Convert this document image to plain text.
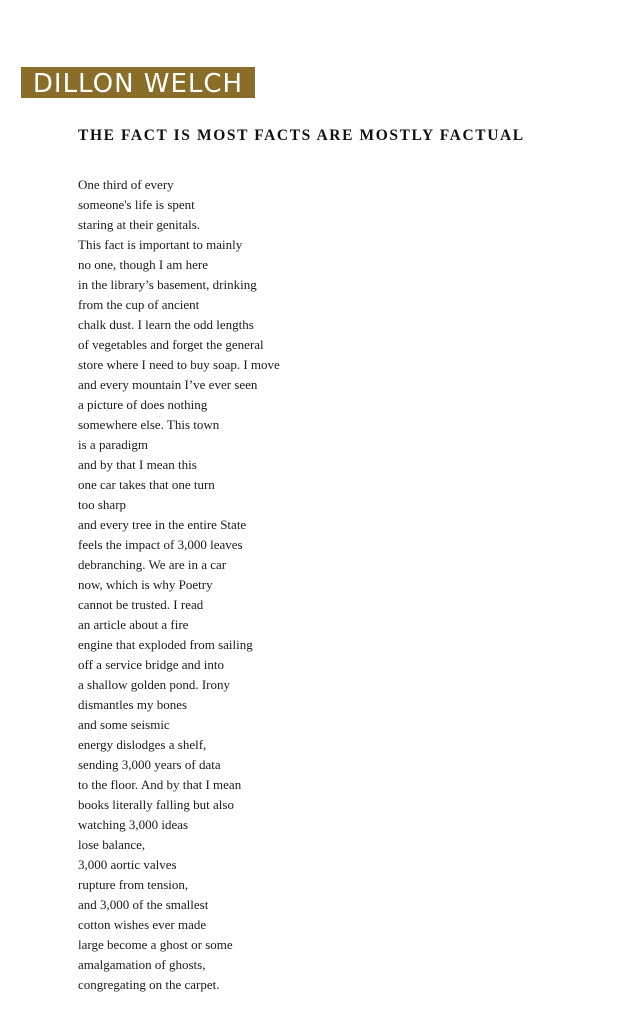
DILLON WELCH
THE FACT IS MOST FACTS ARE MOSTLY FACTUAL
One third of every
someone's life is spent
staring at their genitals.
This fact is important to mainly
no one, though I am here
in the library’s basement, drinking
from the cup of ancient
chalk dust. I learn the odd lengths
of vegetables and forget the general
store where I need to buy soap. I move
and every mountain I’ve ever seen
a picture of does nothing
somewhere else. This town
is a paradigm
and by that I mean this
one car takes that one turn
too sharp
and every tree in the entire State
feels the impact of 3,000 leaves
debranching. We are in a car
now, which is why Poetry
cannot be trusted. I read
an article about a fire
engine that exploded from sailing
off a service bridge and into
a shallow golden pond. Irony
dismantles my bones
and some seismic
energy dislodges a shelf,
sending 3,000 years of data
to the floor. And by that I mean
books literally falling but also
watching 3,000 ideas
lose balance,
3,000 aortic valves
rupture from tension,
and 3,000 of the smallest
cotton wishes ever made
large become a ghost or some
amalgamation of ghosts,
congregating on the carpet.
